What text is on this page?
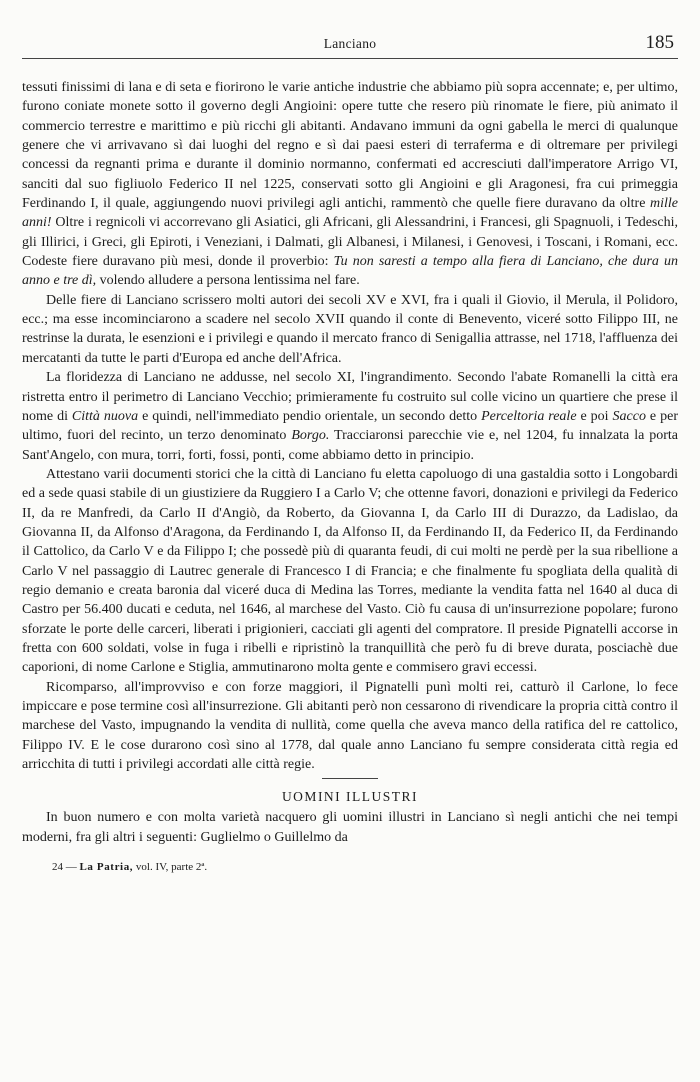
Lanciano	185

tessuti finissimi di lana e di seta e fiorirono le varie antiche industrie che abbiamo più sopra accennate; e, per ultimo, furono coniate monete sotto il governo degli Angioini: opere tutte che resero più rinomate le fiere, più animato il commercio terrestre e marittimo e più ricchi gli abitanti. Andavano immuni da ogni gabella le merci di qualunque genere che vi arrivavano sì dai luoghi del regno e sì dai paesi esteri di terraferma e di oltremare per privilegi concessi da regnanti prima e durante il dominio normanno, confermati ed accresciuti dall'imperatore Arrigo VI, sanciti dal suo figliuolo Federico II nel 1225, conservati sotto gli Angioini e gli Aragonesi, fra cui primeggia Ferdinando I, il quale, aggiungendo nuovi privilegi agli antichi, rammentò che quelle fiere duravano da oltre mille anni! Oltre i regnicoli vi accorrevano gli Asiatici, gli Africani, gli Alessandrini, i Francesi, gli Spagnuoli, i Tedeschi, gli Illirici, i Greci, gli Epiroti, i Veneziani, i Dalmati, gli Albanesi, i Milanesi, i Genovesi, i Toscani, i Romani, ecc. Codeste fiere duravano più mesi, donde il proverbio: Tu non saresti a tempo alla fiera di Lanciano, che dura un anno e tre dì, volendo alludere a persona lentissima nel fare.

Delle fiere di Lanciano scrissero molti autori dei secoli XV e XVI, fra i quali il Giovio, il Merula, il Polidoro, ecc.; ma esse incominciarono a scadere nel secolo XVII quando il conte di Benevento, viceré sotto Filippo III, ne restrinse la durata, le esenzioni e i privilegi e quando il mercato franco di Senigallia attrasse, nel 1718, l'affluenza dei mercatanti da tutte le parti d'Europa ed anche dell'Africa.

La floridezza di Lanciano ne addusse, nel secolo XI, l'ingrandimento. Secondo l'abate Romanelli la città era ristretta entro il perimetro di Lanciano Vecchio; primieramente fu costruito sul colle vicino un quartiere che prese il nome di Città nuova e quindi, nell'immediato pendio orientale, un secondo detto Perceltoria reale e poi Sacco e per ultimo, fuori del recinto, un terzo denominato Borgo. Tracciaronsi parecchie vie e, nel 1204, fu innalzata la porta Sant'Angelo, con mura, torri, forti, fossi, ponti, come abbiamo detto in principio.

Attestano varii documenti storici che la città di Lanciano fu eletta capoluogo di una gastaldia sotto i Longobardi ed a sede quasi stabile di un giustiziere da Ruggiero I a Carlo V; che ottenne favori, donazioni e privilegi da Federico II, da re Manfredi, da Carlo II d'Angiò, da Roberto, da Giovanna I, da Carlo III di Durazzo, da Ladislao, da Giovanna II, da Alfonso d'Aragona, da Ferdinando I, da Alfonso II, da Ferdinando II, da Federico II, da Ferdinando il Cattolico, da Carlo V e da Filippo I; che possedè più di quaranta feudi, di cui molti ne perdè per la sua ribellione a Carlo V nel passaggio di Lautrec generale di Francesco I di Francia; e che finalmente fu spogliata della qualità di regio demanio e creata baronia dal viceré duca di Medina las Torres, mediante la vendita fatta nel 1640 al duca di Castro per 56.400 ducati e ceduta, nel 1646, al marchese del Vasto. Ciò fu causa di un'insurrezione popolare; furono sforzate le porte delle carceri, liberati i prigionieri, cacciati gli agenti del compratore. Il preside Pignatelli accorse in fretta con 600 soldati, volse in fuga i ribelli e ripristinò la tranquillità che però fu di breve durata, posciachè due caporioni, di nome Carlone e Stiglia, ammutinarono molta gente e commisero gravi eccessi.

Ricomparso, all'improvviso e con forze maggiori, il Pignatelli punì molti rei, catturò il Carlone, lo fece impiccare e pose termine così all'insurrezione. Gli abitanti però non cessarono di rivendicare la propria città contro il marchese del Vasto, impugnando la vendita di nullità, come quella che aveva manco della ratifica del re cattolico, Filippo IV. E le cose durarono così sino al 1778, dal quale anno Lanciano fu sempre considerata città regia ed arricchita di tutti i privilegi accordati alle città regie.

UOMINI ILLUSTRI

In buon numero e con molta varietà nacquero gli uomini illustri in Lanciano sì negli antichi che nei tempi moderni, fra gli altri i seguenti: Guglielmo o Guillelmo da

24 — La Patria, vol. IV, parte 2ª.
